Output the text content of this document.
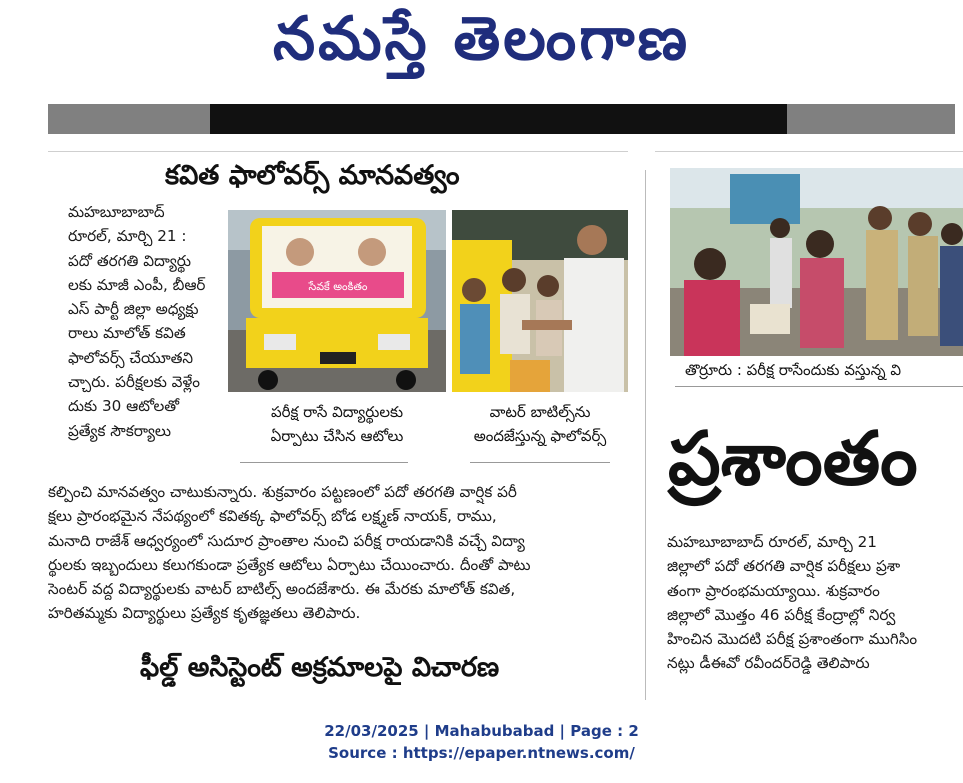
నమస్తే తెలంగాణ
కవిత ఫాలోవర్స్ మానవత్వం
మహబూబాబాద్
రూరల్, మార్చి 21 :
పదో తరగతి విద్యార్థు
లకు మాజీ ఎంపీ, బీఆర్
ఎస్ పార్టీ జిల్లా అధ్యక్షు
రాలు మాలోత్ కవిత
ఫాలోవర్స్ చేయూతని
చ్చారు. పరీక్షలకు వెళ్లేం
దుకు 30 ఆటోలతో
ప్రత్యేక సౌకర్యాలు
సేవకే అంకితం
పరీక్ష రాసే విద్యార్థులకు
ఏర్పాటు చేసిన ఆటోలు
వాటర్ బాటిల్స్‌ను
అందజేస్తున్న ఫాలోవర్స్
కల్పించి మానవత్వం చాటుకున్నారు. శుక్రవారం పట్టణంలో పదో తరగతి వార్షిక పరీ
క్షలు ప్రారంభమైన నేపథ్యంలో కవితక్క ఫాలోవర్స్ బోడ లక్ష్మణ్ నాయక్, రాము,
మనాది రాజేశ్ ఆధ్వర్యంలో సుదూర ప్రాంతాల నుంచి పరీక్ష రాయడానికి వచ్చే విద్యా
ర్థులకు ఇబ్బందులు కలుగకుండా ప్రత్యేక ఆటోలు ఏర్పాటు చేయించారు. దీంతో పాటు
సెంటర్ వద్ద విద్యార్థులకు వాటర్ బాటిల్స్ అందజేశారు. ఈ మేరకు మాలోత్ కవిత,
హరితమ్మకు విద్యార్థులు ప్రత్యేక కృతజ్ఞతలు తెలిపారు.
ఫీల్డ్ అసిస్టెంట్ అక్రమాలపై విచారణ
తొర్రూరు : పరీక్ష రాసేందుకు వస్తున్న వి
ప్రశాంతం
మహబూబాబాద్ రూరల్, మార్చి 21
జిల్లాలో పదో తరగతి వార్షిక పరీక్షలు ప్రశా
తంగా ప్రారంభమయ్యాయి. శుక్రవారం
జిల్లాలో మొత్తం 46 పరీక్ష కేంద్రాల్లో నిర్వ
హించిన మొదటి పరీక్ష ప్రశాంతంగా ముగిసిం
నట్లు డీఈవో రవీందర్‌రెడ్డి తెలిపారు
22/03/2025 | Mahabubabad | Page : 2
Source : https://epaper.ntnews.com/
